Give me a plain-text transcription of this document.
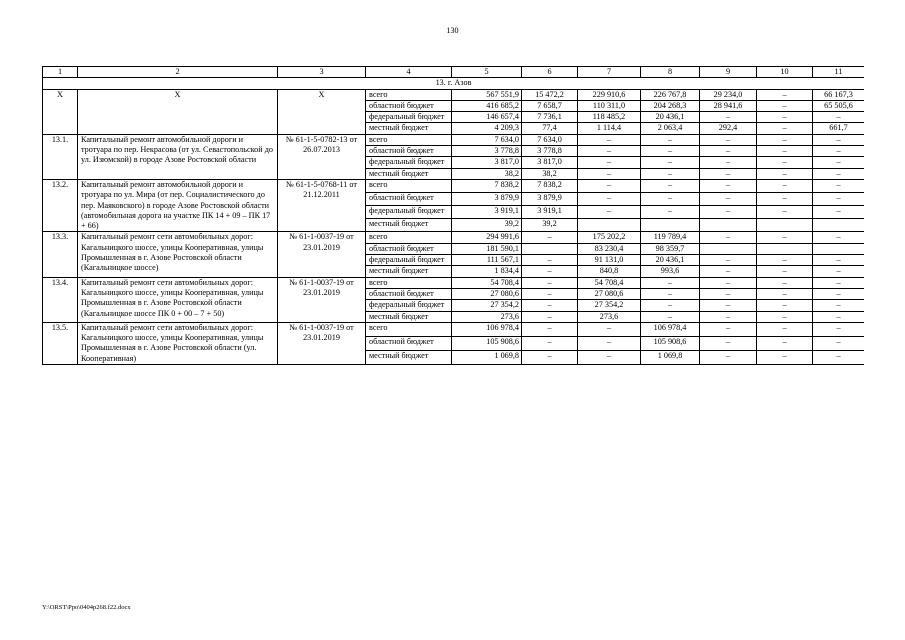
130
1	2	3	4	5	6	7	8	9	10	11
13. г. Азов										
Х	Х	Х	всего	567 551,9	15 472,2	229 910,6	226 767,8	29 234,0	–	66 167,3
			областной бюджет	416 685,2	7 658,7	110 311,0	204 268,3	28 941,6	–	65 505,6
			федеральный бюджет	146 657,4	7 736,1	118 485,2	20 436,1	–	–	–
			местный бюджет	4 209,3	77,4	1 114,4	2 063,4	292,4	–	661,7
13.1.	Капитальный ремонт автомобильной дороги и тротуара по пер. Некрасова (от ул. Севастопольской до ул. Изюмской) в городе Азове Ростовской области	№ 61-1-5-0782-13 от 26.07.2013	всего	7 634,0	7 634,0	–	–	–	–	–
			областной бюджет	3 778,8	3 778,8	–	–	–	–	–
			федеральный бюджет	3 817,0	3 817,0	–	–	–	–	–
			местный бюджет	38,2	38,2	–	–	–	–	–
13.2.	Капитальный ремонт автомобильной дороги и тротуара по ул. Мира (от пер. Социалистического до пер. Маяковского) в городе Азове Ростовской области (автомобильная дорога на участке ПК 14 + 09 – ПК 17 + 66)	№ 61-1-5-0768-11 от 21.12.2011	всего	7 838,2	7 838,2	–	–	–	–	–
			областной бюджет	3 879,9	3 879,9	–	–	–	–	–
			федеральный бюджет	3 919,1	3 919,1	–	–	–	–	–
			местный бюджет	39,2	39,2					
13.3.	Капитальный ремонт сети автомобильных дорог: Кагальницкого шоссе, улицы Кооперативная, улицы Промышленная в г. Азове Ростовской области (Кагальницкое шоссе)	№ 61-1-0037-19 от 23.01.2019	всего	294 991,6	–	175 202,2	119 789,4	–	–	–
			областной бюджет	181 590,1		83 230,4	98 359,7			
			федеральный бюджет	111 567,1	–	91 131,0	20 436,1	–	–	–
			местный бюджет	1 834,4	–	840,8	993,6	–	–	–
13.4.	Капитальный ремонт сети автомобильных дорог: Кагальницкого шоссе, улицы Кооперативная, улицы Промышленная в г. Азове Ростовской области (Кагальницкое шоссе ПК 0 + 00 – 7 + 50)	№ 61-1-0037-19 от 23.01.2019	всего	54 708,4	–	54 708,4	–	–	–	–
			областной бюджет	27 080,6	–	27 080,6	–	–	–	–
			федеральный бюджет	27 354,2	–	27 354,2	–	–	–	–
			местный бюджет	273,6	–	273,6	–	–	–	–
13.5.	Капитальный ремонт сети автомобильных дорог: Кагальницкого шоссе, улицы Кооперативная, улицы Промышленная в г. Азове Ростовской области (ул. Кооперативная)	№ 61-1-0037-19 от 23.01.2019	всего	106 978,4	–	–	106 978,4	–	–	–
			областной бюджет	105 908,6	–	–	105 908,6	–	–	–
			местный бюджет	1 069,8	–	–	1 069,8	–	–	–
Y:\ORST\Ppo\0404p268.f22.docx
